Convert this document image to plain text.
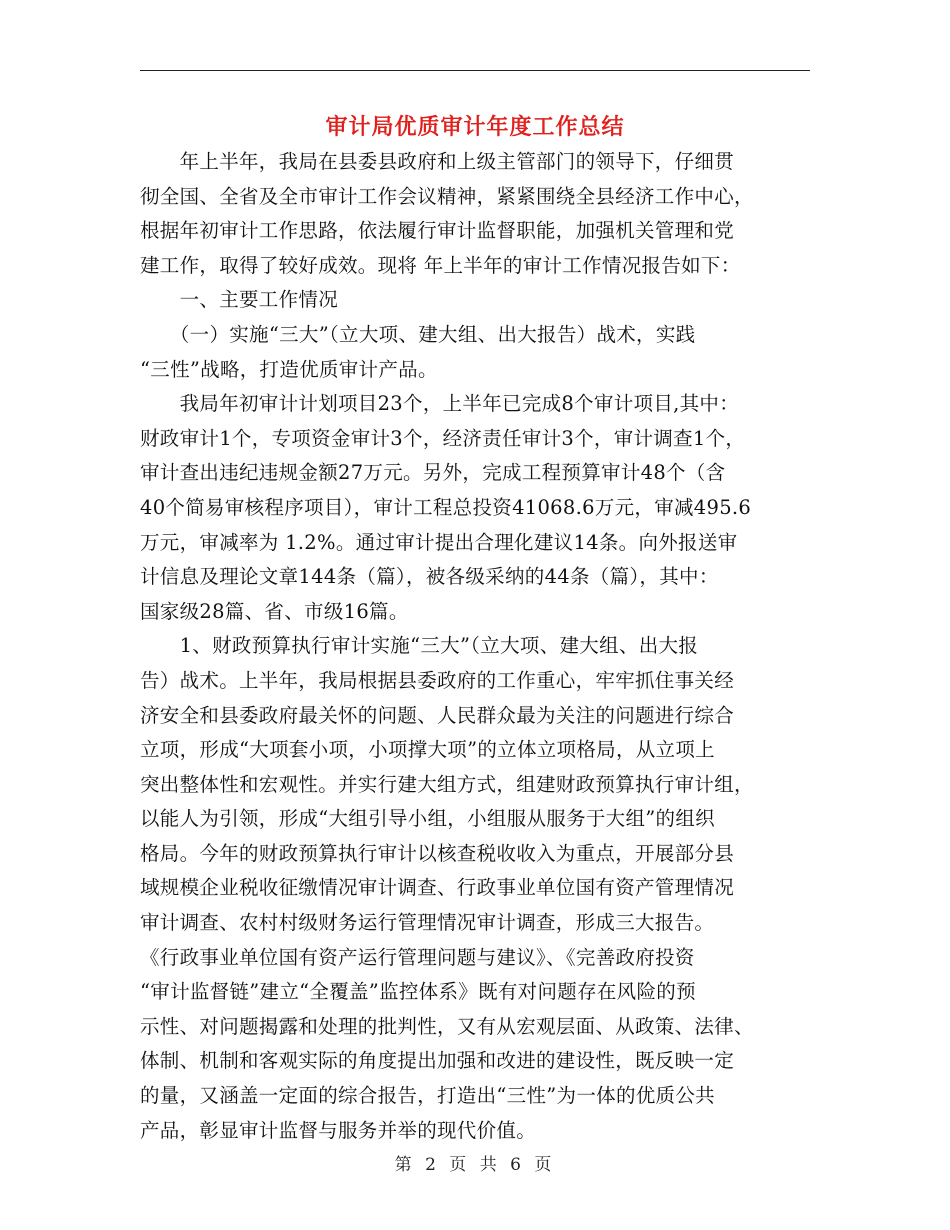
审计局优质审计年度工作总结
　　年上半年，我局在县委县政府和上级主管部门的领导下，仔细贯
彻全国、全省及全市审计工作会议精神，紧紧围绕全县经济工作中心，
根据年初审计工作思路，依法履行审计监督职能，加强机关管理和党
建工作，取得了较好成效。现将 年上半年的审计工作情况报告如下：
　　一、主要工作情况
　　（一）实施“三大”（立大项、建大组、出大报告）战术，实践
“三性”战略，打造优质审计产品。
　　我局年初审计计划项目23个，上半年已完成8个审计项目,其中：
财政审计1个，专项资金审计3个，经济责任审计3个，审计调查1个，
审计查出违纪违规金额27万元。另外，完成工程预算审计48个（含
40个简易审核程序项目），审计工程总投资41068.6万元，审减495.6
万元，审减率为 1.2%。通过审计提出合理化建议14条。向外报送审
计信息及理论文章144条（篇），被各级采纳的44条（篇），其中：
国家级28篇、省、市级16篇。
　　1、财政预算执行审计实施“三大”（立大项、建大组、出大报
告）战术。上半年，我局根据县委政府的工作重心，牢牢抓住事关经
济安全和县委政府最关怀的问题、人民群众最为关注的问题进行综合
立项，形成“大项套小项，小项撑大项”的立体立项格局，从立项上
突出整体性和宏观性。并实行建大组方式，组建财政预算执行审计组，
以能人为引领，形成“大组引导小组，小组服从服务于大组”的组织
格局。今年的财政预算执行审计以核查税收收入为重点，开展部分县
域规模企业税收征缴情况审计调查、行政事业单位国有资产管理情况
审计调查、农村村级财务运行管理情况审计调查，形成三大报告。
《行政事业单位国有资产运行管理问题与建议》、《完善政府投资
“审计监督链”建立“全覆盖”监控体系》既有对问题存在风险的预
示性、对问题揭露和处理的批判性，又有从宏观层面、从政策、法律、
体制、机制和客观实际的角度提出加强和改进的建设性，既反映一定
的量，又涵盖一定面的综合报告，打造出“三性”为一体的优质公共
产品，彰显审计监督与服务并举的现代价值。
第 2 页 共 6 页
